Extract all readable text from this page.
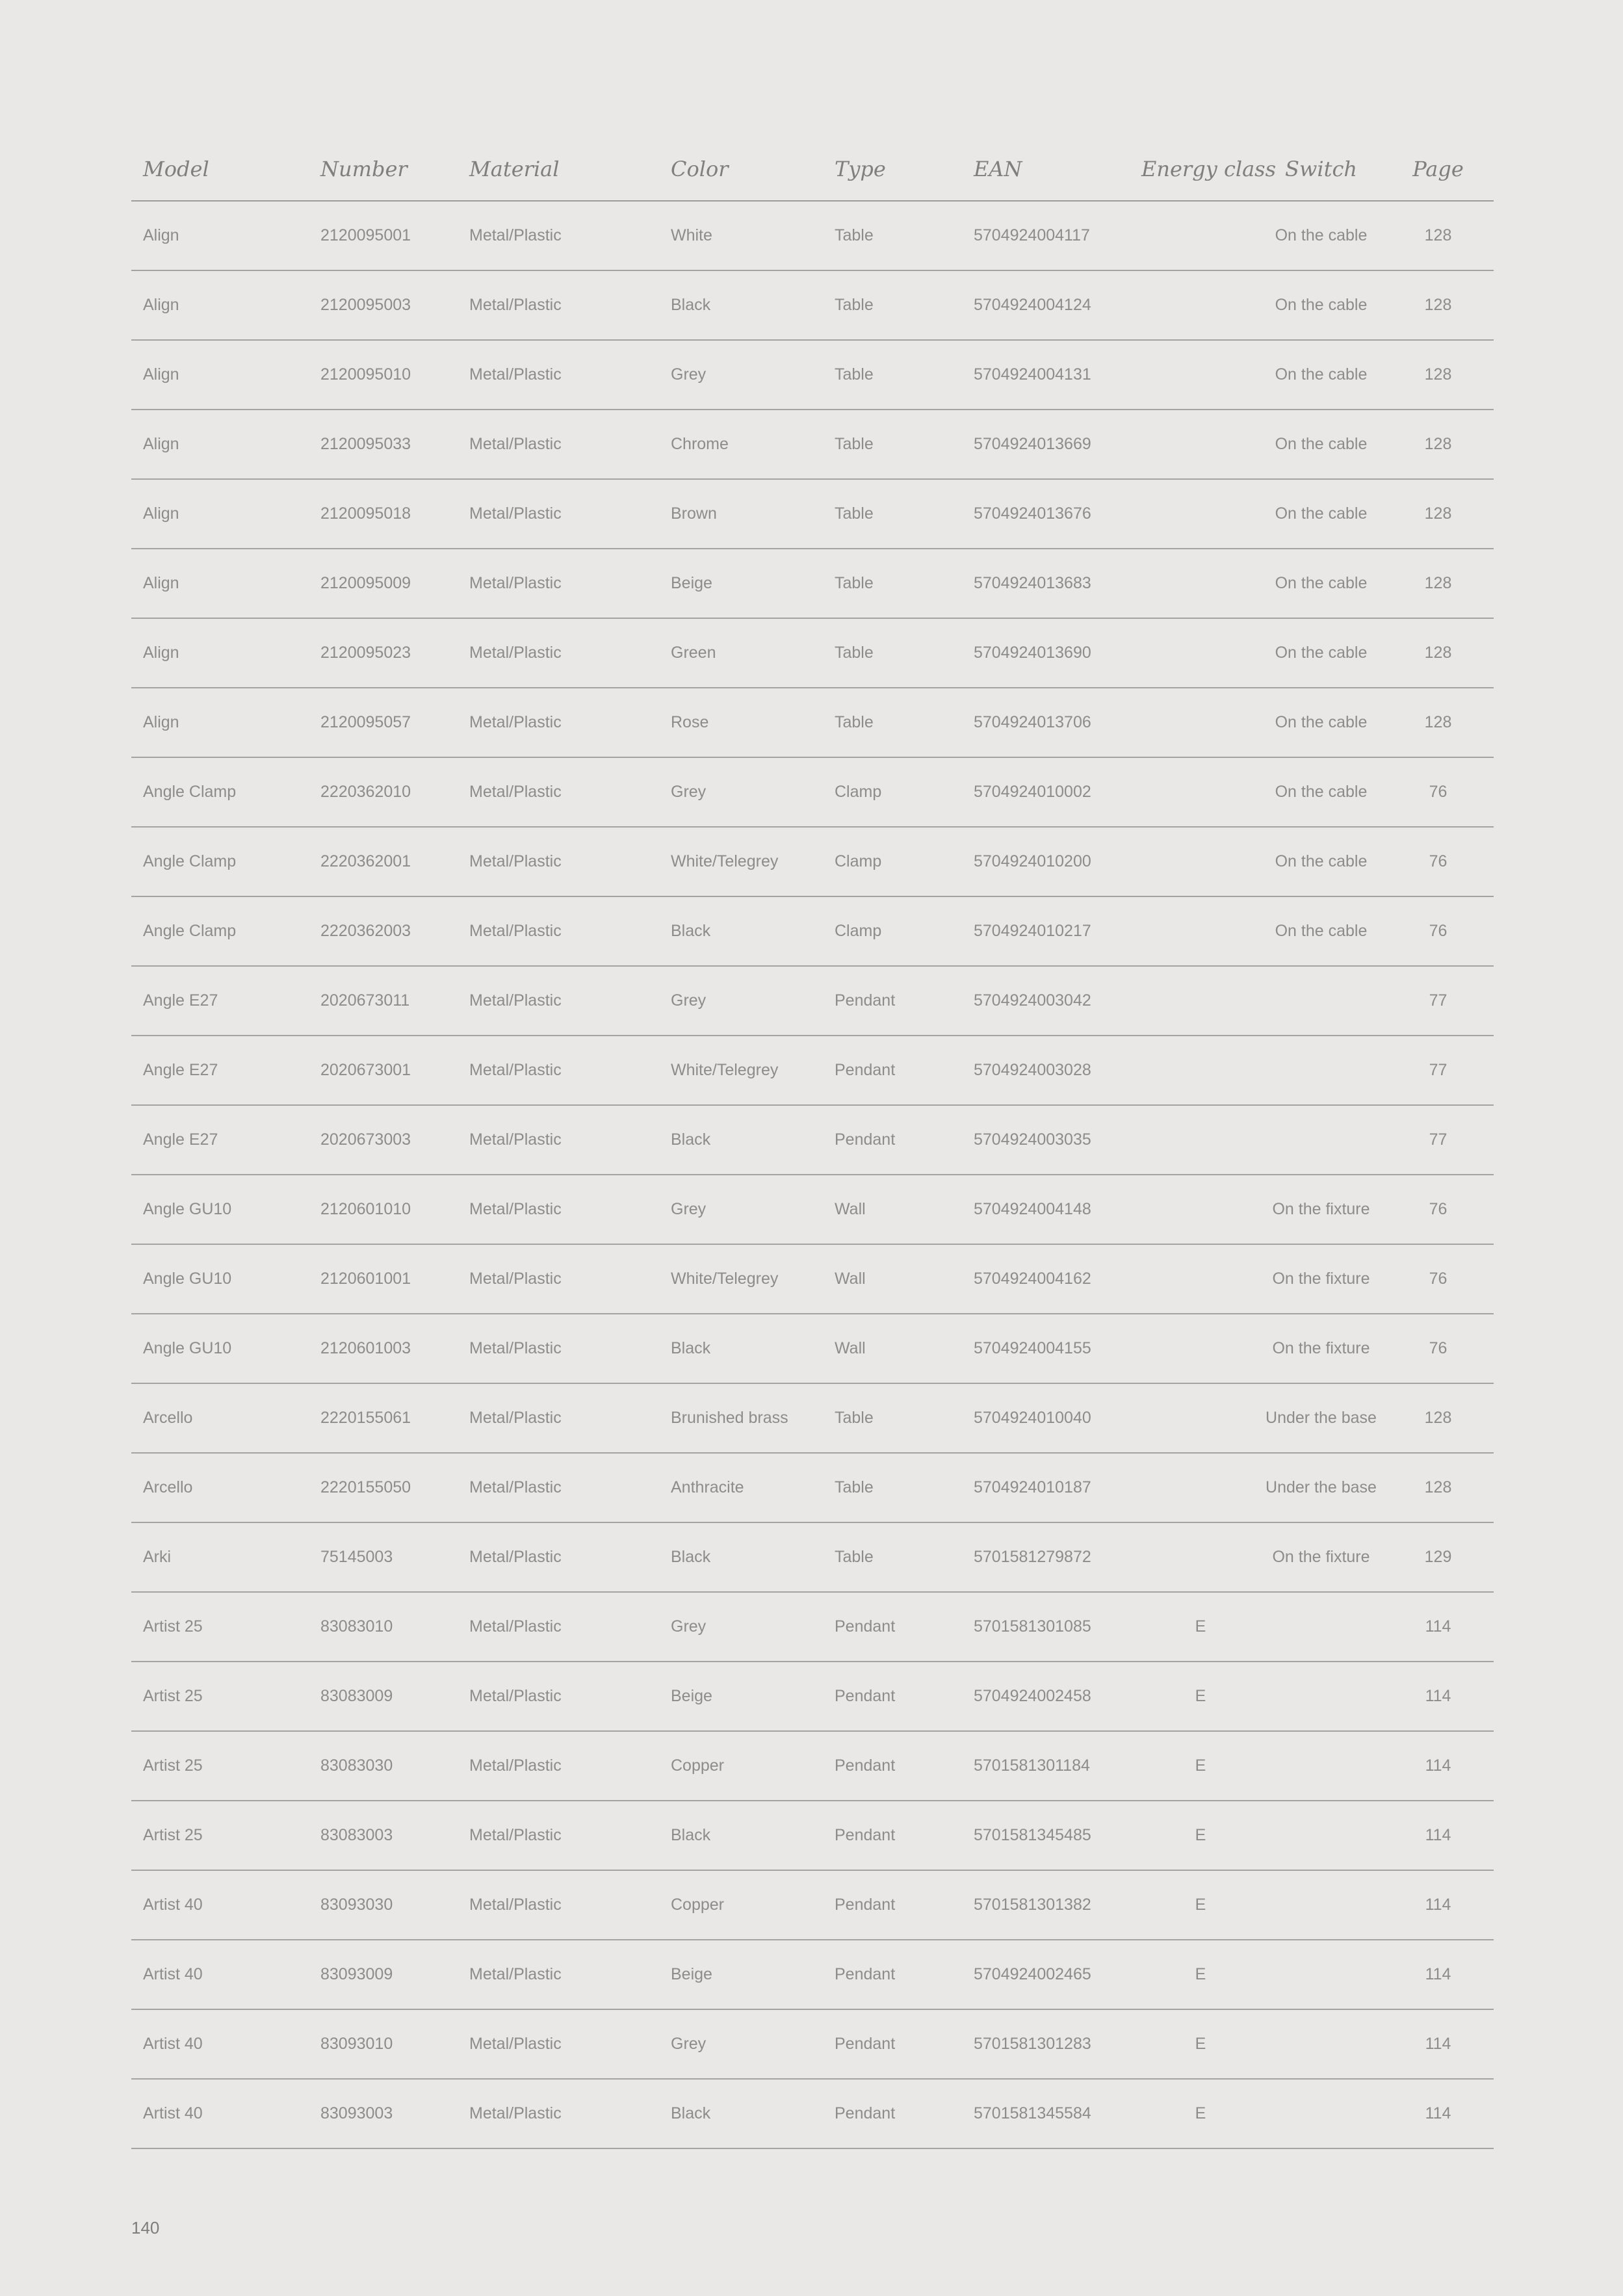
Model	Number	Material	Color	Type	EAN	Energy class	Switch	Page
Align	2120095001	Metal/Plastic	White	Table	5704924004117		On the cable	128
Align	2120095003	Metal/Plastic	Black	Table	5704924004124		On the cable	128
Align	2120095010	Metal/Plastic	Grey	Table	5704924004131		On the cable	128
Align	2120095033	Metal/Plastic	Chrome	Table	5704924013669		On the cable	128
Align	2120095018	Metal/Plastic	Brown	Table	5704924013676		On the cable	128
Align	2120095009	Metal/Plastic	Beige	Table	5704924013683		On the cable	128
Align	2120095023	Metal/Plastic	Green	Table	5704924013690		On the cable	128
Align	2120095057	Metal/Plastic	Rose	Table	5704924013706		On the cable	128
Angle Clamp	2220362010	Metal/Plastic	Grey	Clamp	5704924010002		On the cable	76
Angle Clamp	2220362001	Metal/Plastic	White/Telegrey	Clamp	5704924010200		On the cable	76
Angle Clamp	2220362003	Metal/Plastic	Black	Clamp	5704924010217		On the cable	76
Angle E27	2020673011	Metal/Plastic	Grey	Pendant	5704924003042			77
Angle E27	2020673001	Metal/Plastic	White/Telegrey	Pendant	5704924003028			77
Angle E27	2020673003	Metal/Plastic	Black	Pendant	5704924003035			77
Angle GU10	2120601010	Metal/Plastic	Grey	Wall	5704924004148		On the fixture	76
Angle GU10	2120601001	Metal/Plastic	White/Telegrey	Wall	5704924004162		On the fixture	76
Angle GU10	2120601003	Metal/Plastic	Black	Wall	5704924004155		On the fixture	76
Arcello	2220155061	Metal/Plastic	Brunished brass	Table	5704924010040		Under the base	128
Arcello	2220155050	Metal/Plastic	Anthracite	Table	5704924010187		Under the base	128
Arki	75145003	Metal/Plastic	Black	Table	5701581279872		On the fixture	129
Artist 25	83083010	Metal/Plastic	Grey	Pendant	5701581301085	E		114
Artist 25	83083009	Metal/Plastic	Beige	Pendant	5704924002458	E		114
Artist 25	83083030	Metal/Plastic	Copper	Pendant	5701581301184	E		114
Artist 25	83083003	Metal/Plastic	Black	Pendant	5701581345485	E		114
Artist 40	83093030	Metal/Plastic	Copper	Pendant	5701581301382	E		114
Artist 40	83093009	Metal/Plastic	Beige	Pendant	5704924002465	E		114
Artist 40	83093010	Metal/Plastic	Grey	Pendant	5701581301283	E		114
Artist 40	83093003	Metal/Plastic	Black	Pendant	5701581345584	E		114
140
